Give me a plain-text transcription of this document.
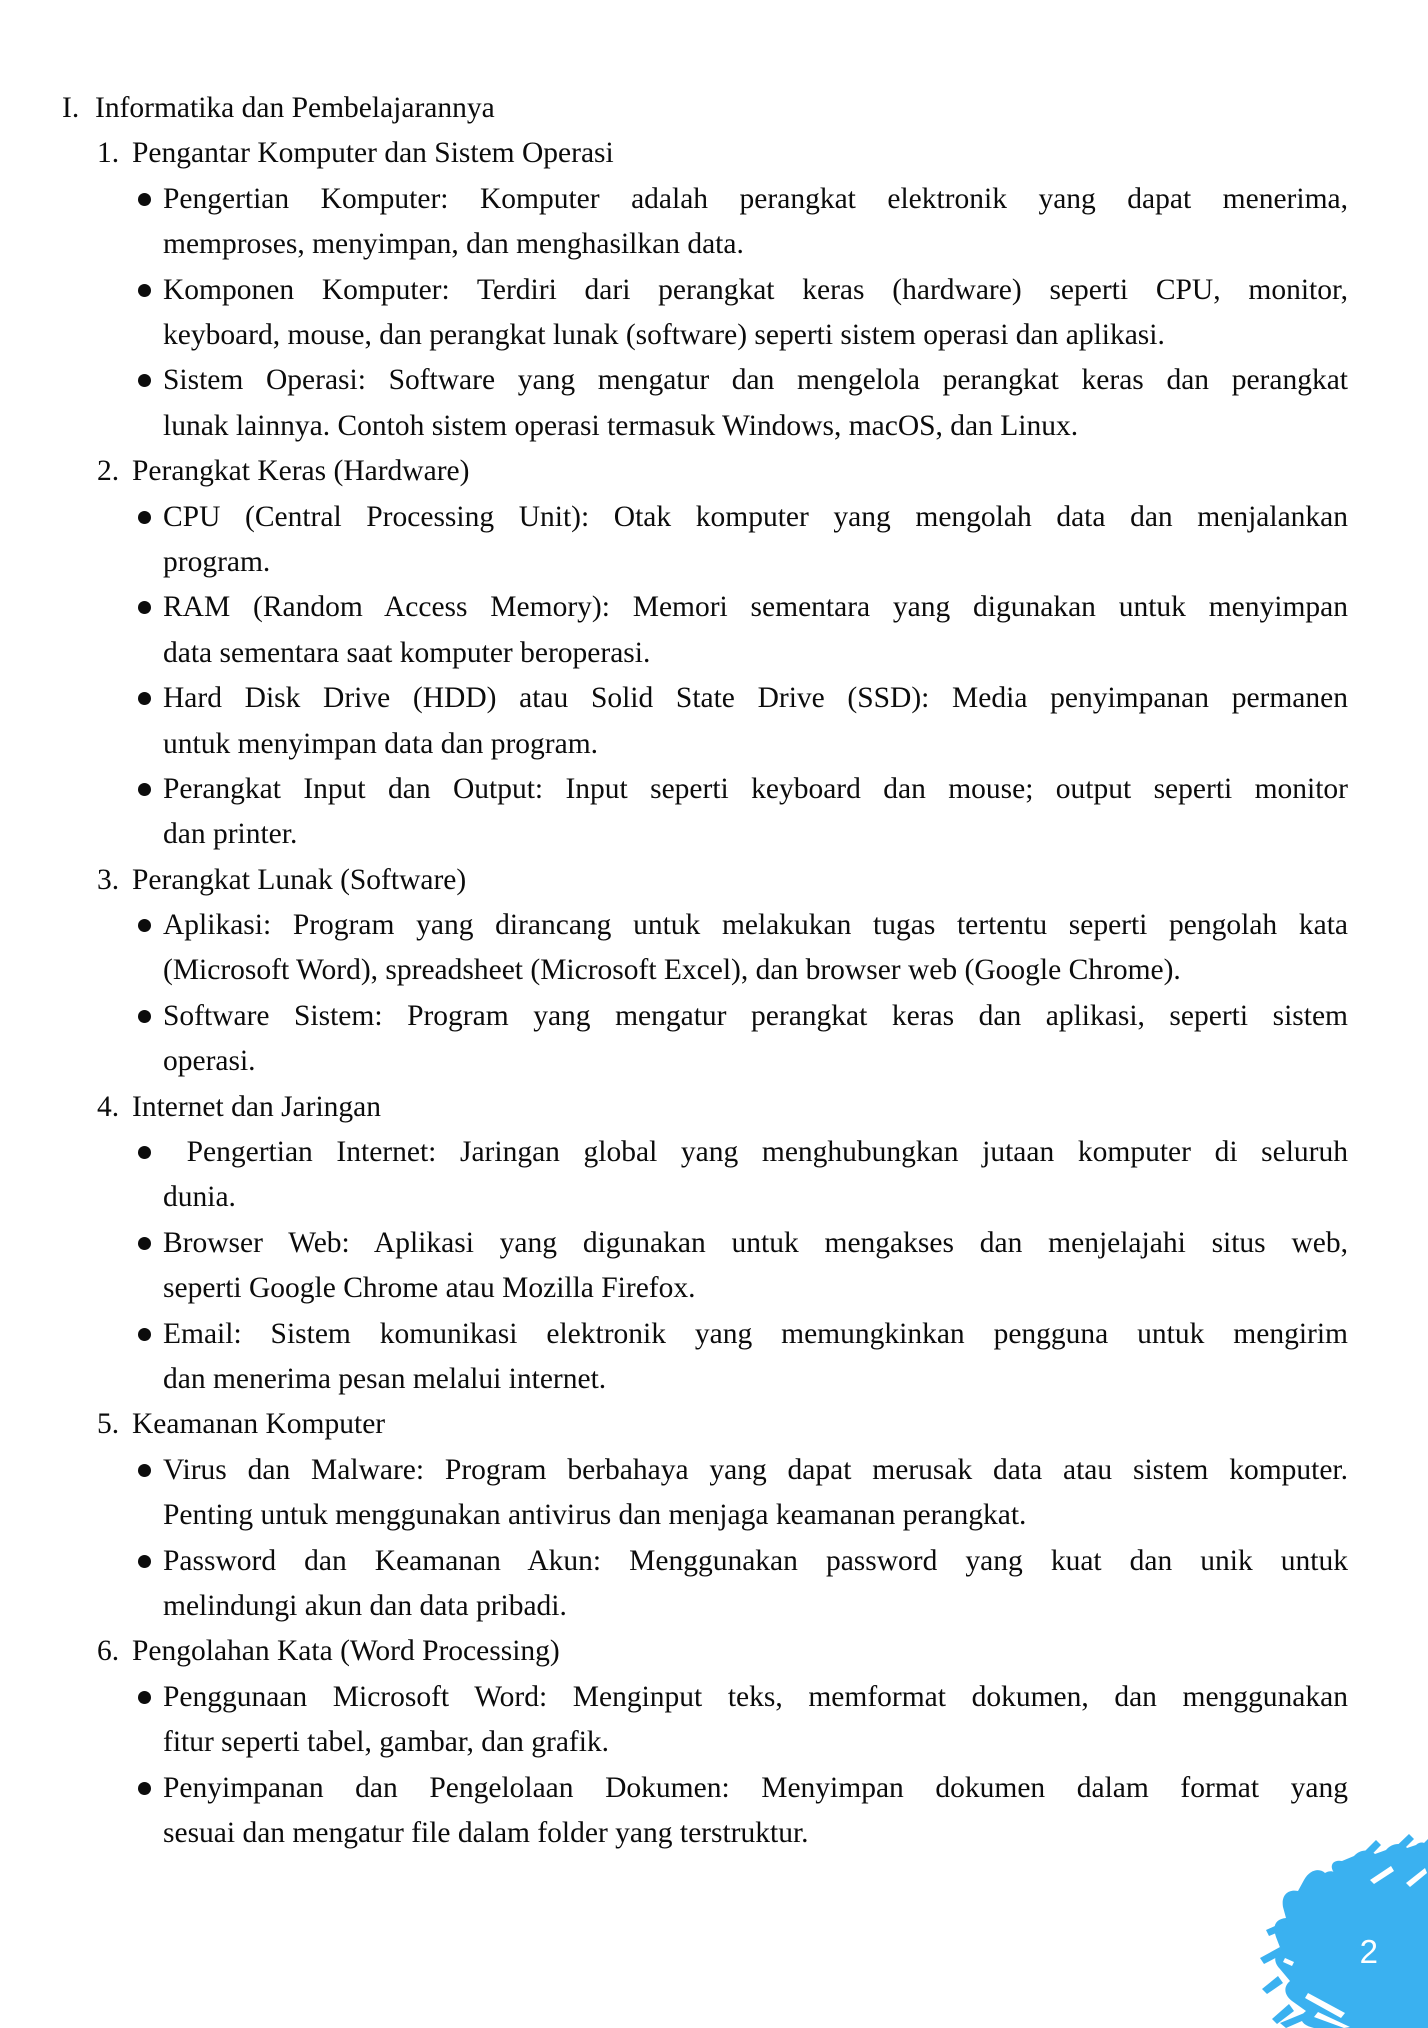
I. Informatika dan Pembelajarannya
1. Pengantar Komputer dan Sistem Operasi
Pengertian Komputer: Komputer adalah perangkat elektronik yang dapat menerima,
memproses, menyimpan, dan menghasilkan data.
Komponen Komputer: Terdiri dari perangkat keras (hardware) seperti CPU, monitor,
keyboard, mouse, dan perangkat lunak (software) seperti sistem operasi dan aplikasi.
Sistem Operasi: Software yang mengatur dan mengelola perangkat keras dan perangkat
lunak lainnya. Contoh sistem operasi termasuk Windows, macOS, dan Linux.
2. Perangkat Keras (Hardware)
CPU (Central Processing Unit): Otak komputer yang mengolah data dan menjalankan
program.
RAM (Random Access Memory): Memori sementara yang digunakan untuk menyimpan
data sementara saat komputer beroperasi.
Hard Disk Drive (HDD) atau Solid State Drive (SSD): Media penyimpanan permanen
untuk menyimpan data dan program.
Perangkat Input dan Output: Input seperti keyboard dan mouse; output seperti monitor
dan printer.
3. Perangkat Lunak (Software)
Aplikasi: Program yang dirancang untuk melakukan tugas tertentu seperti pengolah kata
(Microsoft Word), spreadsheet (Microsoft Excel), dan browser web (Google Chrome).
Software Sistem: Program yang mengatur perangkat keras dan aplikasi, seperti sistem
operasi.
4. Internet dan Jaringan
Pengertian Internet: Jaringan global yang menghubungkan jutaan komputer di seluruh
dunia.
Browser Web: Aplikasi yang digunakan untuk mengakses dan menjelajahi situs web,
seperti Google Chrome atau Mozilla Firefox.
Email: Sistem komunikasi elektronik yang memungkinkan pengguna untuk mengirim
dan menerima pesan melalui internet.
5. Keamanan Komputer
Virus dan Malware: Program berbahaya yang dapat merusak data atau sistem komputer.
Penting untuk menggunakan antivirus dan menjaga keamanan perangkat.
Password dan Keamanan Akun: Menggunakan password yang kuat dan unik untuk
melindungi akun dan data pribadi.
6. Pengolahan Kata (Word Processing)
Penggunaan Microsoft Word: Menginput teks, memformat dokumen, dan menggunakan
fitur seperti tabel, gambar, dan grafik.
Penyimpanan dan Pengelolaan Dokumen: Menyimpan dokumen dalam format yang
sesuai dan mengatur file dalam folder yang terstruktur.
2
